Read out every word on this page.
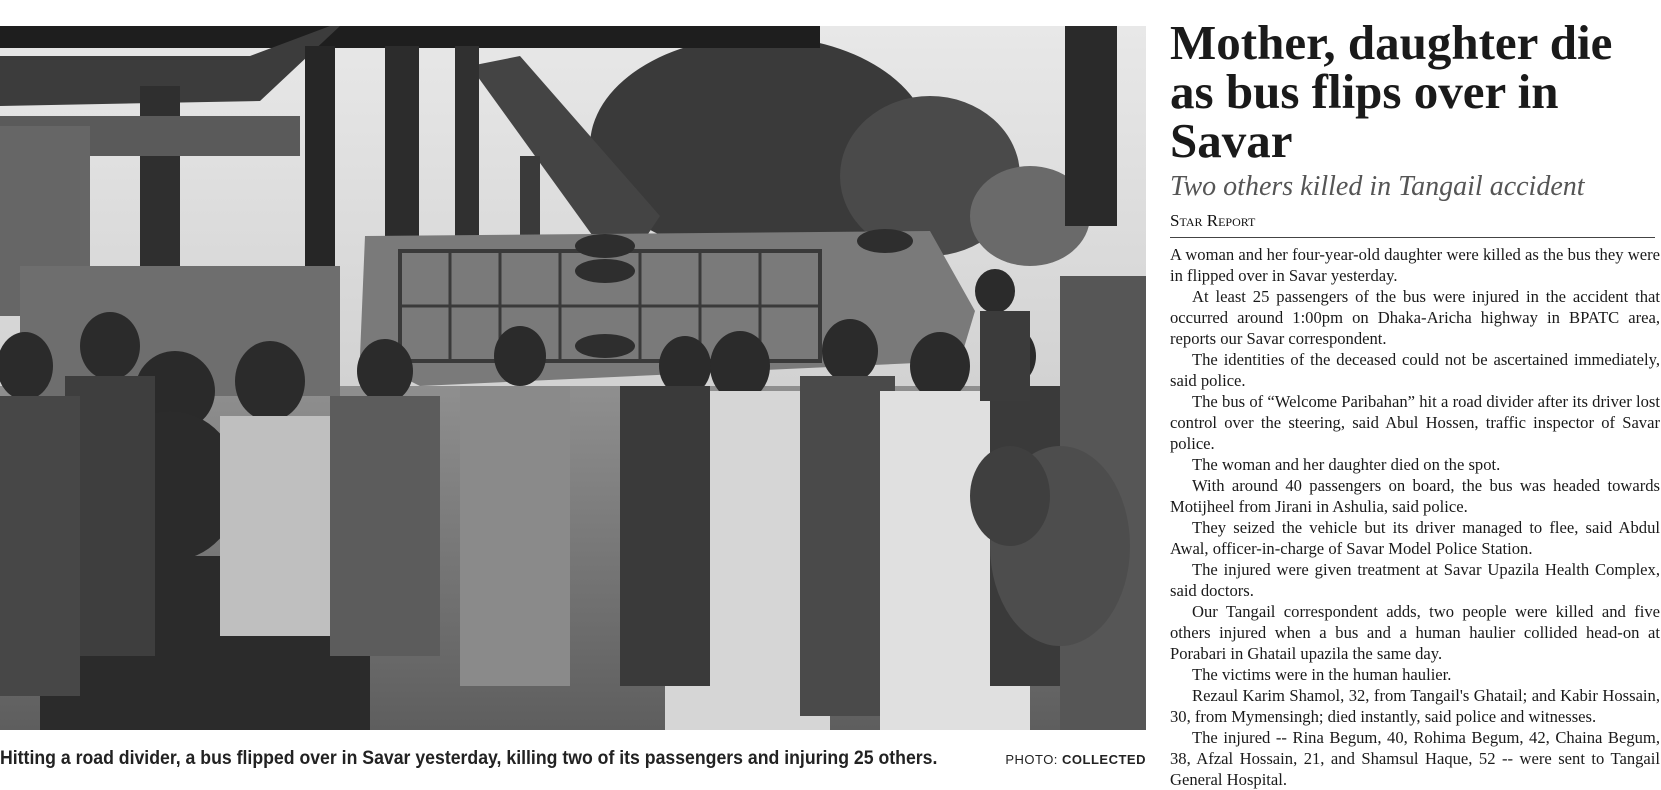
Hitting a road divider, a bus flipped over in Savar yesterday, killing two of its passengers and injuring 25 others.	PHOTO: COLLECTED
Mother, daughter die as bus flips over in Savar
Two others killed in Tangail accident
Star Report

A woman and her four-year-old daughter were killed as the bus they were in flipped over in Savar yesterday.

At least 25 passengers of the bus were injured in the accident that occurred around 1:00pm on Dhaka-Aricha highway in BPATC area, reports our Savar correspondent.

The identities of the deceased could not be ascertained immediately, said police.

The bus of “Welcome Paribahan” hit a road divider after its driver lost control over the steering, said Abul Hossen, traffic inspector of Savar police.

The woman and her daughter died on the spot.

With around 40 passengers on board, the bus was headed towards Motijheel from Jirani in Ashulia, said police.

They seized the vehicle but its driver managed to flee, said Abdul Awal, officer-in-charge of Savar Model Police Station.

The injured were given treatment at Savar Upazila Health Complex, said doctors.

Our Tangail correspondent adds, two people were killed and five others injured when a bus and a human haulier collided head-on at Porabari in Ghatail upazila the same day.

The victims were in the human haulier.

Rezaul Karim Shamol, 32, from Tangail's Ghatail; and Kabir Hossain, 30, from Mymensingh; died instantly, said police and witnesses.

The injured -- Rina Begum, 40, Rohima Begum, 42, Chaina Begum, 38, Afzal Hossain, 21, and Shamsul Haque, 52 -- were sent to Tangail General Hospital.
